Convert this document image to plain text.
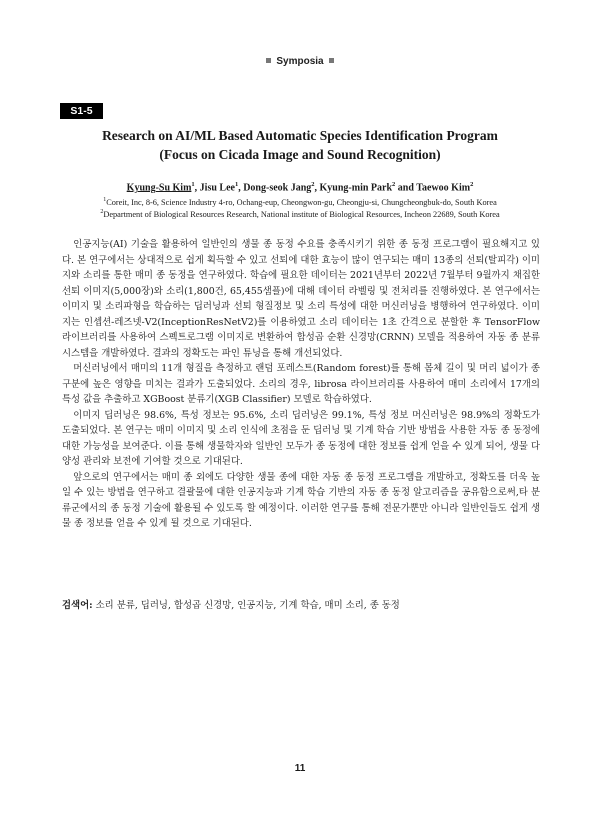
Symposia
S1-5
Research on AI/ML Based Automatic Species Identification Program
(Focus on Cicada Image and Sound Recognition)
Kyung-Su Kim$^1$, Jisu Lee$^1$, Dong-seok Jang$^2$, Kyung-min Park$^2$ and Taewoo Kim$^2$
$^1$Coreit, Inc, 8-6, Science Industry 4-ro, Ochang-eup, Cheongwon-gu, Cheongju-si, Chungcheongbuk-do, South Korea
$^2$Department of Biological Resources Research, National institute of Biological Resources, Incheon 22689, South Korea

인공지능(AI) 기술을 활용하여 일반인의 생물 종 동정 수요를 충족시키기 위한 종 동정 프로그램이 필요해지고 있다. 본 연구에서는 상대적으로 쉽게 획득할 수 있고 선퇴에 대한 효능이 많이 연구되는 매미 13종의 선퇴(탈피각) 이미지와 소리를 통한 매미 종 동정을 연구하였다. 학습에 필요한 데이터는 2021년부터 2022년 7월부터 9월까지 채집한 선퇴 이미지(5,000장)와 소리(1,800건, 65,455샘플)에 대해 데이터 라벨링 및 전처리를 진행하였다. 본 연구에서는 이미지 및 소리파형을 학습하는 딥러닝과 선퇴 형질정보 및 소리 특성에 대한 머신러닝을 병행하여 연구하였다. 이미지는 인셉션-레즈넷-V2(InceptionResNetV2)를 이용하였고 소리 데이터는 1초 간격으로 분할한 후 TensorFlow 라이브러리를 사용하여 스펙트로그램 이미지로 변환하여 합성곱 순환 신경망(CRNN) 모델을 적용하여 자동 종 분류 시스템을 개발하였다. 결과의 정확도는 파인 튜닝을 통해 개선되었다.

머신러닝에서 매미의 11개 형질을 측정하고 랜덤 포레스트(Random forest)를 통해 몸체 길이 및 머리 넓이가 종 구분에 높은 영향을 미치는 결과가 도출되었다. 소리의 경우, librosa 라이브러리를 사용하여 매미 소리에서 17개의 특성 값을 추출하고 XGBoost 분류기(XGB Classifier) 모델로 학습하였다.

이미지 딥러닝은 98.6%, 특성 정보는 95.6%, 소리 딥러닝은 99.1%, 특성 정보 머신러닝은 98.9%의 정확도가 도출되었다. 본 연구는 매미 이미지 및 소리 인식에 초점을 둔 딥러닝 및 기계 학습 기반 방법을 사용한 자동 종 동정에 대한 가능성을 보여준다. 이를 통해 생물학자와 일반인 모두가 종 동정에 대한 정보를 쉽게 얻을 수 있게 되어, 생물 다양성 관리와 보전에 기여할 것으로 기대된다.

앞으로의 연구에서는 매미 종 외에도 다양한 생물 종에 대한 자동 종 동정 프로그램을 개발하고, 정확도를 더욱 높일 수 있는 방법을 연구하고 결괄물에 대한 인공지능과 기계 학습 기반의 자동 종 동정 알고리즘을 공유함으로써,타 분류군에서의 종 동정 기술에 활용될 수 있도록 할 예정이다. 이러한 연구를 통해 전문가뿐만 아니라 일반인들도 쉽게 생물 종 정보를 얻을 수 있게 될 것으로 기대된다.

검색어: 소리 분류, 딥러닝, 합성곱 신경망, 인공지능, 기계 학습, 매미 소리, 종 동정
11
